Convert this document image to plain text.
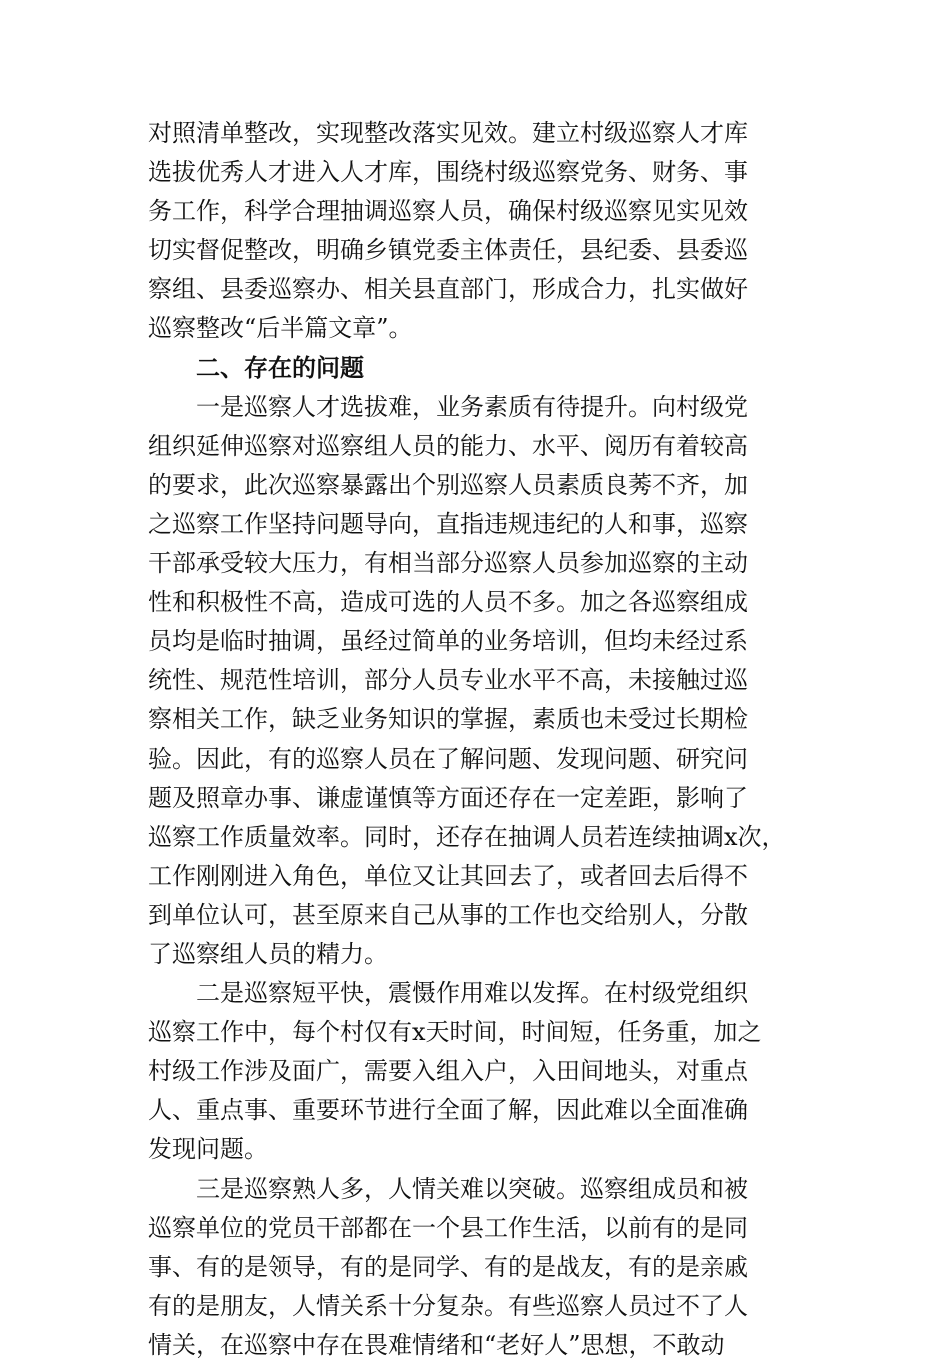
对照清单整改，实现整改落实见效。建立村级巡察人才库
选拔优秀人才进入人才库，围绕村级巡察党务、财务、事
务工作，科学合理抽调巡察人员，确保村级巡察见实见效
切实督促整改，明确乡镇党委主体责任，县纪委、县委巡
察组、县委巡察办、相关县直部门，形成合力，扎实做好
巡察整改“后半篇文章”。
二、存在的问题
　　一是巡察人才选拔难，业务素质有待提升。向村级党
组织延伸巡察对巡察组人员的能力、水平、阅历有着较高
的要求，此次巡察暴露出个别巡察人员素质良莠不齐，加
之巡察工作坚持问题导向，直指违规违纪的人和事，巡察
干部承受较大压力，有相当部分巡察人员参加巡察的主动
性和积极性不高，造成可选的人员不多。加之各巡察组成
员均是临时抽调，虽经过简单的业务培训，但均未经过系
统性、规范性培训，部分人员专业水平不高，未接触过巡
察相关工作，缺乏业务知识的掌握，素质也未受过长期检
验。因此，有的巡察人员在了解问题、发现问题、研究问
题及照章办事、谦虚谨慎等方面还存在一定差距，影响了
巡察工作质量效率。同时，还存在抽调人员若连续抽调x次，
工作刚刚进入角色，单位又让其回去了，或者回去后得不
到单位认可，甚至原来自己从事的工作也交给别人，分散
了巡察组人员的精力。
　　二是巡察短平快，震慑作用难以发挥。在村级党组织
巡察工作中，每个村仅有x天时间，时间短，任务重，加之
村级工作涉及面广，需要入组入户，入田间地头，对重点
人、重点事、重要环节进行全面了解，因此难以全面准确
发现问题。
　　三是巡察熟人多，人情关难以突破。巡察组成员和被
巡察单位的党员干部都在一个县工作生活，以前有的是同
事、有的是领导，有的是同学、有的是战友，有的是亲戚
有的是朋友，人情关系十分复杂。有些巡察人员过不了人
情关，在巡察中存在畏难情绪和“老好人”思想，不敢动
